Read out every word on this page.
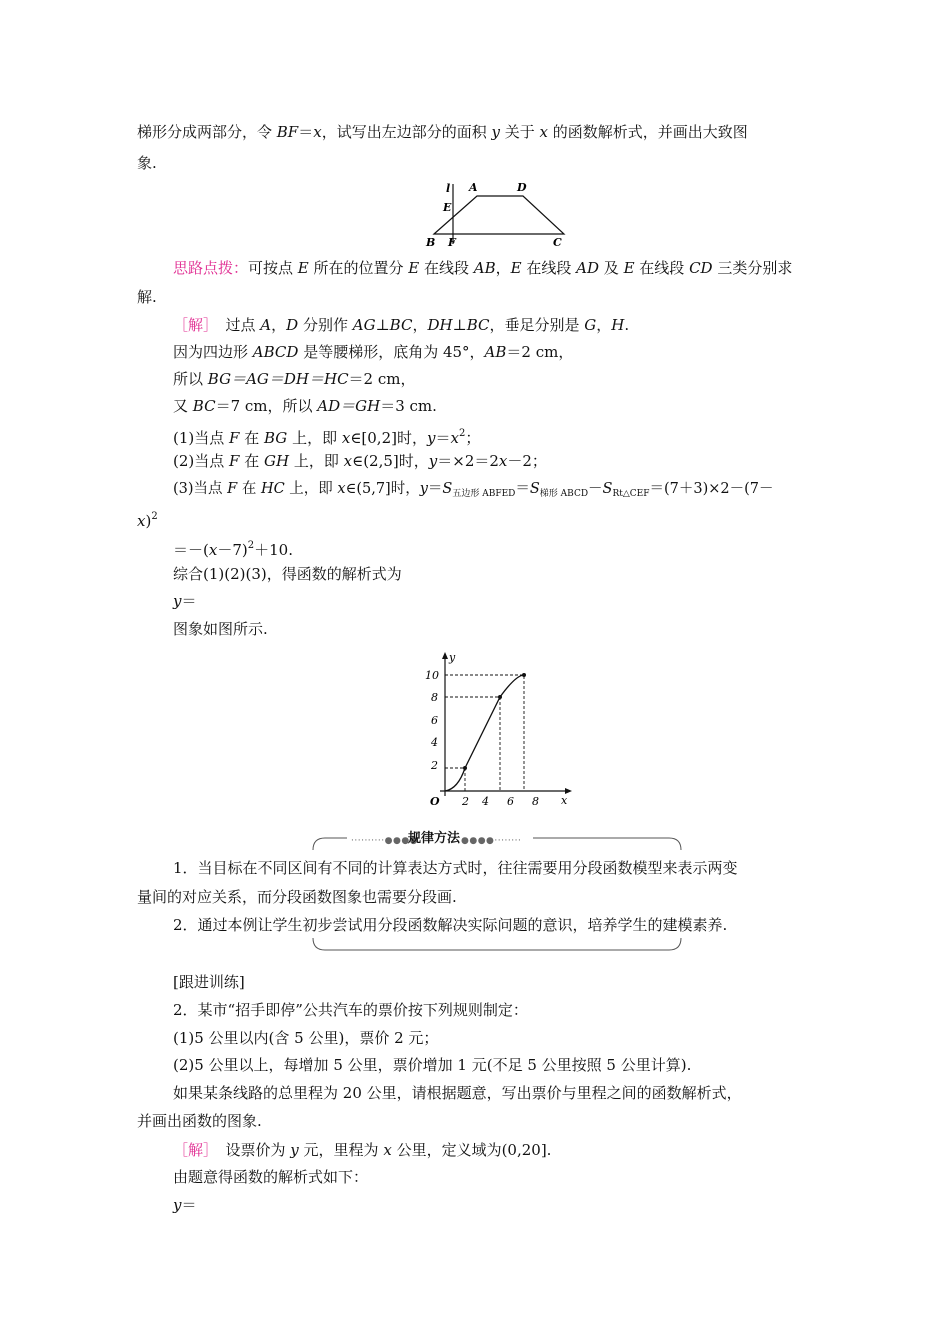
梯形分成两部分，令 BF＝x，试写出左边部分的面积 y 关于 x 的函数解析式，并画出大致图
象.
l A	D
E
B F	C
思路点拨：可按点 E 所在的位置分 E 在线段 AB，E 在线段 AD 及 E 在线段 CD 三类分别求
解.
［解］　过点 A，D 分别作 AG⊥BC，DH⊥BC，垂足分别是 G，H.
因为四边形 ABCD 是等腰梯形，底角为 45°，AB＝2 cm，
所以 BG＝AG＝DH＝HC＝2 cm，
又 BC＝7 cm，所以 AD＝GH＝3 cm.
(1)当点 F 在 BG 上，即 x∈[0,2]时，$y=x^2$；
(2)当点 F 在 GH 上，即 x∈(2,5]时，y＝×2＝2x－2；
(3)当点 F 在 HC 上，即 x∈(5,7]时，$y=S_{五边形 ABFED}=S_{梯形 ABCD}-S_{Rt\triangle CEF}=(7+3)\times 2-(7-$
x)$^2$
$=-(x-7)^2+10$.
综合(1)(2)(3)，得函数的解析式为
y＝
图象如图所示.
y
x
O 2 4 6 8
2
4
6
8
10
··········●●●●	●●●●········
规律方法
1．当目标在不同区间有不同的计算表达方式时，往往需要用分段函数模型来表示两变
量间的对应关系，而分段函数图象也需要分段画.
2．通过本例让学生初步尝试用分段函数解决实际问题的意识，培养学生的建模素养.
[跟进训练]
2．某市“招手即停”公共汽车的票价按下列规则制定：
(1)5 公里以内(含 5 公里)，票价 2 元；
(2)5 公里以上，每增加 5 公里，票价增加 1 元(不足 5 公里按照 5 公里计算).
如果某条线路的总里程为 20 公里，请根据题意，写出票价与里程之间的函数解析式，
并画出函数的图象.
［解］　设票价为 y 元，里程为 x 公里，定义域为(0,20].
由题意得函数的解析式如下：
y＝
